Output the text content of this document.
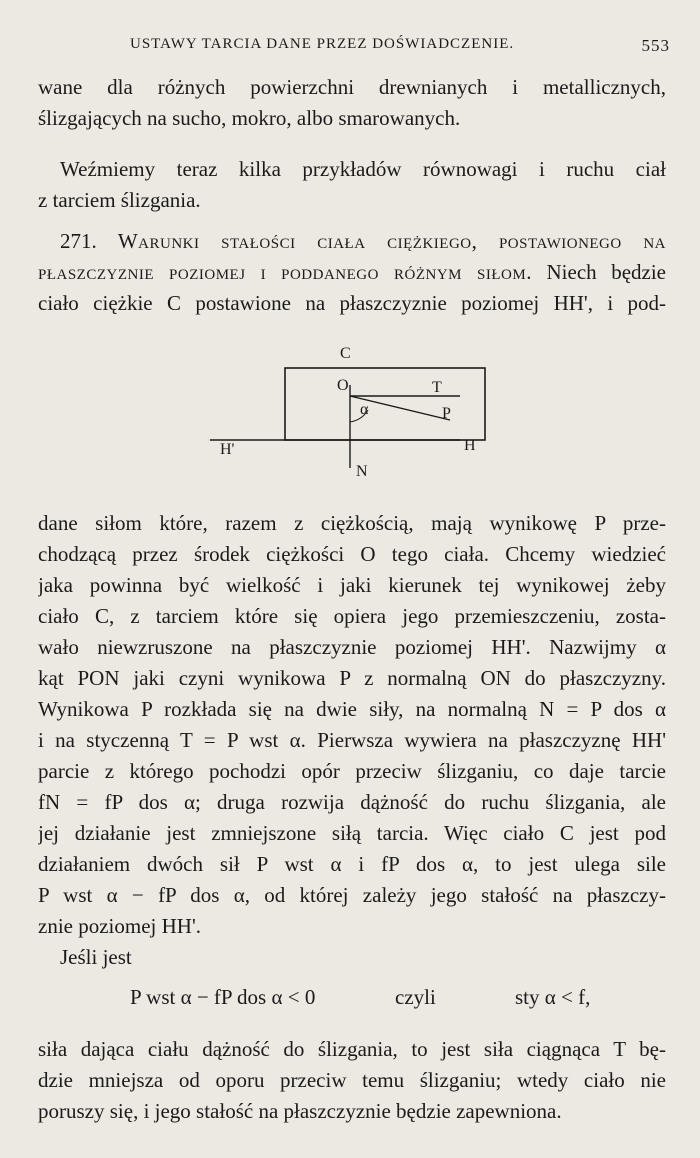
USTAWY TARCIA DANE PRZEZ DOŚWIADCZENIE.	553
wane dla różnych powierzchni drewnianych i metallicznych,
ślizgających na sucho, mokro, albo smarowanych.
Weźmiemy teraz kilka przykładów równowagi i ruchu ciał
z tarciem ślizgania.
271. Warunki stałości ciała ciężkiego, postawionego na
płaszczyznie poziomej i poddanego różnym siłom. Niech będzie
ciało ciężkie C postawione na płaszczyznie poziomej HH', i pod-
C
O	T
P
α
H'	H
N
dane siłom które, razem z ciężkością, mają wynikowę P prze-
chodzącą przez środek ciężkości O tego ciała. Chcemy wiedzieć
jaka powinna być wielkość i jaki kierunek tej wynikowej żeby
ciało C, z tarciem które się opiera jego przemieszczeniu, zosta-
wało niewzruszone na płaszczyznie poziomej HH'. Nazwijmy α
kąt PON jaki czyni wynikowa P z normalną ON do płaszczyzny.
Wynikowa P rozkłada się na dwie siły, na normalną N = P dos α
i na styczenną T = P wst α. Pierwsza wywiera na płaszczyznę HH'
parcie z którego pochodzi opór przeciw ślizganiu, co daje tarcie
fN = fP dos α; druga rozwija dążność do ruchu ślizgania, ale
jej działanie jest zmniejszone siłą tarcia. Więc ciało C jest pod
działaniem dwóch sił P wst α i fP dos α, to jest ulega sile
P wst α − fP dos α, od której zależy jego stałość na płaszczy-
znie poziomej HH'.
Jeśli jest
P wst α − fP dos α < 0	czyli	sty α < f,
siła dająca ciału dążność do ślizgania, to jest siła ciągnąca T bę-
dzie mniejsza od oporu przeciw temu ślizganiu; wtedy ciało nie
poruszy się, i jego stałość na płaszczyznie będzie zapewniona.
